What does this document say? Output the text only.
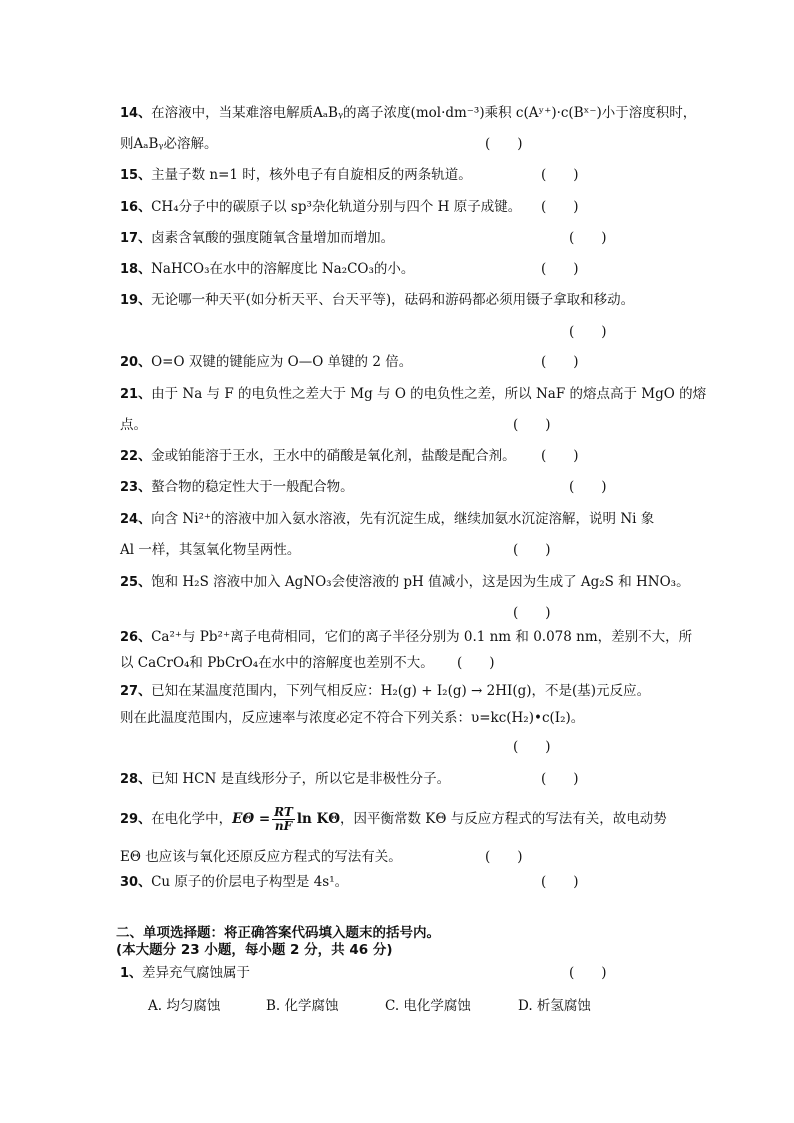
14、在溶液中，当某难溶电解质AₐBᵧ的离子浓度(mol·dm⁻³)乘积 c(Aʸ⁺)·c(Bˣ⁻)小于溶度积时，
则AₐBᵧ必溶解。	(　　)
15、主量子数 n=1 时，核外电子有自旋相反的两条轨道。	(　　)
16、CH₄分子中的碳原子以 sp³杂化轨道分别与四个 H 原子成键。 (　　)
17、卤素含氧酸的强度随氧含量增加而增加。	(　　)
18、NaHCO₃在水中的溶解度比 Na₂CO₃的小。	(　　)
19、无论哪一种天平(如分析天平、台天平等)，砝码和游码都必须用镊子拿取和移动。
(　　)
20、O=O 双键的键能应为 O—O 单键的 2 倍。	(　　)
21、由于 Na 与 F 的电负性之差大于 Mg 与 O 的电负性之差，所以 NaF 的熔点高于 MgO 的熔
点。	(　　)
22、金或铂能溶于王水，王水中的硝酸是氧化剂，盐酸是配合剂。 (　　)
23、螯合物的稳定性大于一般配合物。	(　　)
24、向含 Ni²⁺的溶液中加入氨水溶液，先有沉淀生成，继续加氨水沉淀溶解，说明 Ni 象
Al 一样，其氢氧化物呈两性。	(　　)
25、饱和 H₂S 溶液中加入 AgNO₃会使溶液的 pH 值减小，这是因为生成了 Ag₂S 和 HNO₃。
(　　)
26、Ca²⁺与 Pb²⁺离子电荷相同，它们的离子半径分别为 0.1 nm 和 0.078 nm，差别不大，所
以 CaCrO₄和 PbCrO₄在水中的溶解度也差别不大。 (　　)
27、已知在某温度范围内，下列气相反应：H₂(g) + I₂(g) → 2HI(g)，不是(基)元反应。
则在此温度范围内，反应速率与浓度必定不符合下列关系：υ=kc(H₂)•c(I₂)。
(　　)
28、已知 HCN 是直线形分子，所以它是非极性分子。	(　　)
29、在电化学中，$E\Theta = \frac{RT}{nF}$ ln KΘ，因平衡常数 KΘ 与反应方程式的写法有关，故电动势
EΘ 也应该与氧化还原反应方程式的写法有关。	(　　)
30、Cu 原子的价层电子构型是 4s¹。	(　　)
二、单项选择题：将正确答案代码填入题末的括号内。
(本大题分 23 小题，每小题 2 分，共 46 分)
1、差异充气腐蚀属于	(　　)
A. 均匀腐蚀	B. 化学腐蚀	C. 电化学腐蚀	D. 析氢腐蚀
